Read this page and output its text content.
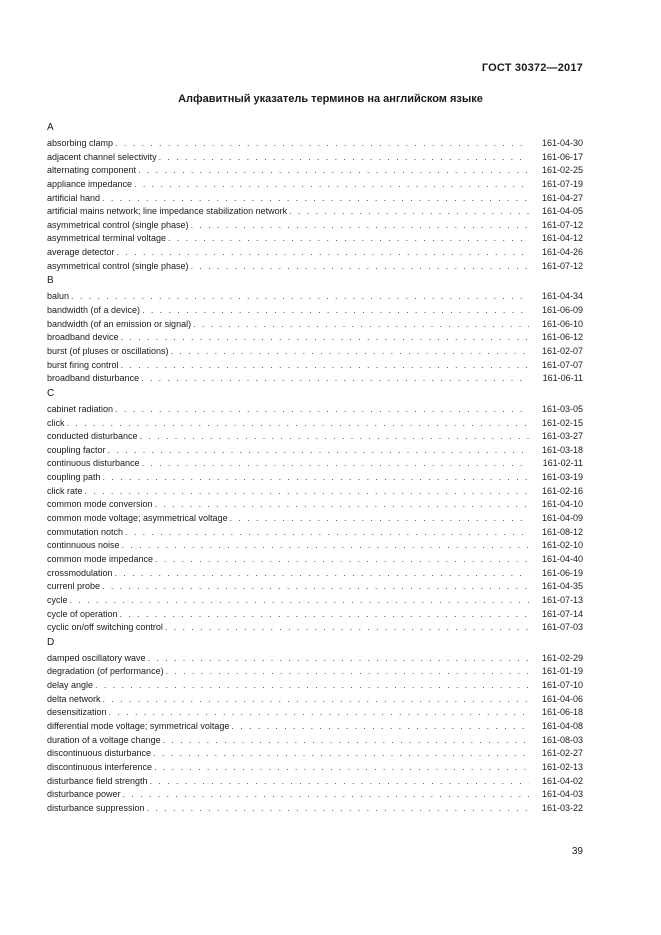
ГОСТ 30372—2017
Алфавитный указатель терминов на английском языке
A
absorbing clamp . . .	161-04-30
adjacent channel selectivity . . .	161-06-17
alternating component . . .	161-02-25
appliance impedance . . .	161-07-19
artificial hand . . .	161-04-27
artificial mains network; line impedance stabilization network . . .	161-04-05
asymmetrical control (single phase) . . .	161-07-12
asymmetrical terminal voltage . . .	161-04-12
average detector . . .	161-04-26
asymmetrical control (single phase) . . .	161-07-12
B
balun . . .	161-04-34
bandwidth (of a device) . . .	161-06-09
bandwidth (of an emission or signal) . . .	161-06-10
broadband device . . .	161-06-12
burst (of pluses or oscillations) . . .	161-02-07
burst firing control . . .	161-07-07
broadband disturbance . . .	161-06-11
C
cabinet radiation . . .	161-03-05
click . . .	161-02-15
conducted disturbance . . .	161-03-27
coupling factor . . .	161-03-18
continuous disturbance . . .	161-02-11
coupling path . . .	161-03-19
click rate . . .	161-02-16
common mode conversion . . .	161-04-10
common mode voltage; asymmetrical voltage . . .	161-04-09
commutation notch . . .	161-08-12
continnuous noise . . .	161-02-10
common mode impedance . . .	161-04-40
crossmodulation . . .	161-06-19
currenl probe . . .	161-04-35
cycle . . .	161-07-13
cycle of operation . . .	161-07-14
cyclic on/off switching control . . .	161-07-03
D
damped oscillatory wave . . .	161-02-29
degradation (of performance) . . .	161-01-19
delay angle . . .	161-07-10
delta network . . .	161-04-06
desensitization . . .	161-06-18
differential mode voltage; symmetrical voltage . . .	161-04-08
duration of a voltage change . . .	161-08-03
discontinuous disturbance . . .	161-02-27
discontinuous interference . . .	161-02-13
disturbance field strength . . .	161-04-02
disturbance power . . .	161-04-03
disturbance suppression . . .	161-03-22
39
